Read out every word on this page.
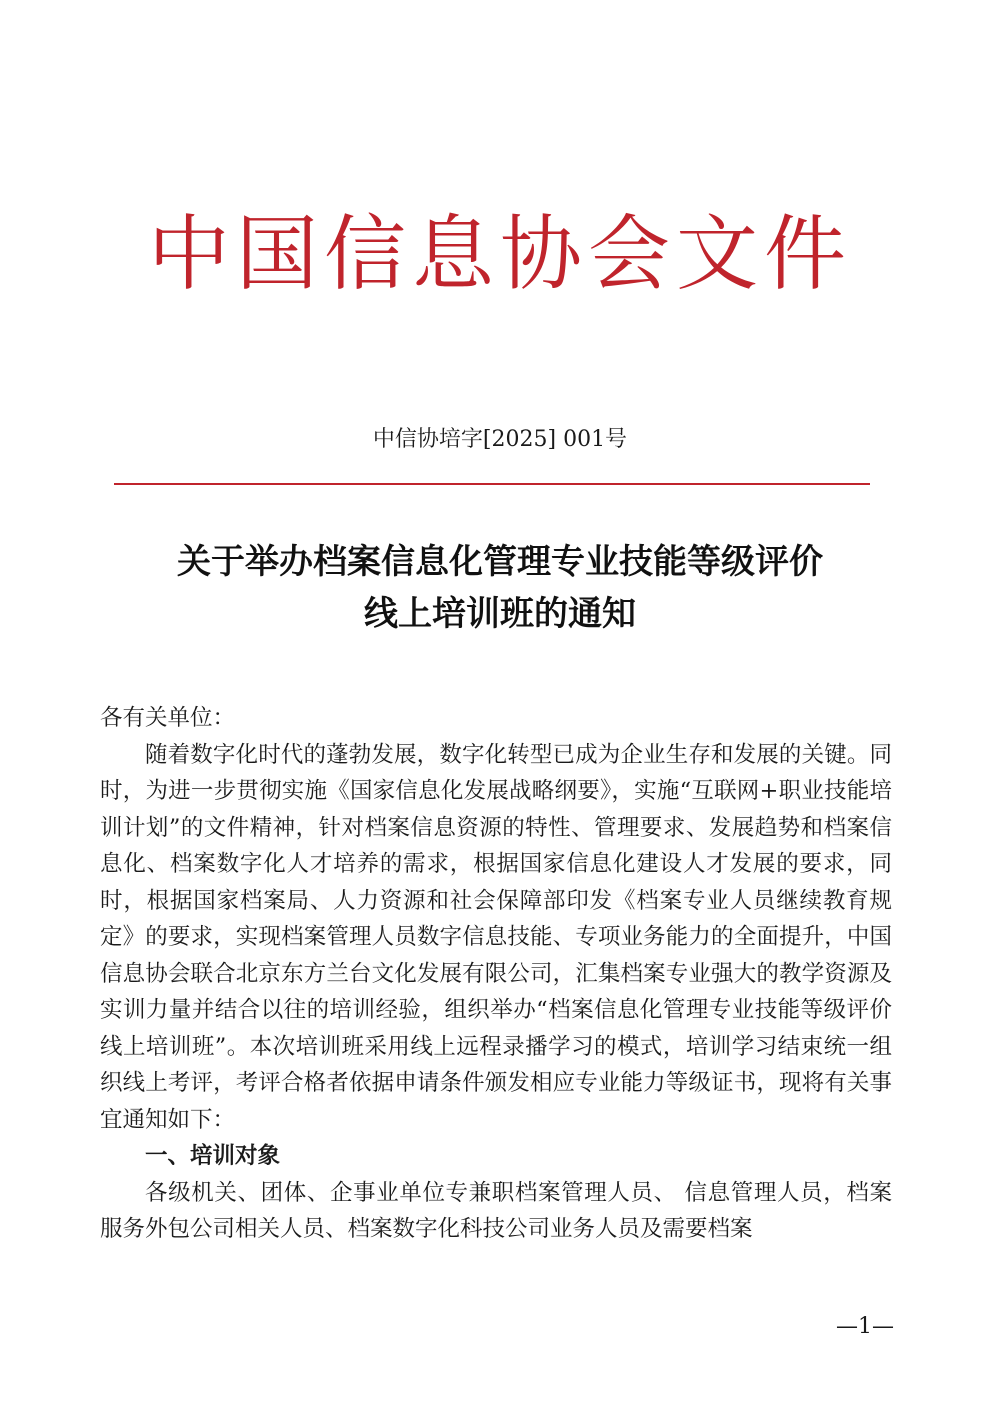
中国信息协会文件
中信协培字[2025] 001号
关于举办档案信息化管理专业技能等级评价
线上培训班的通知

各有关单位：

随着数字化时代的蓬勃发展，数字化转型已成为企业生存和发展的关键。同时，为进一步贯彻实施《国家信息化发展战略纲要》，实施“互联网+职业技能培训计划”的文件精神，针对档案信息资源的特性、管理要求、发展趋势和档案信息化、档案数字化人才培养的需求，根据国家信息化建设人才发展的要求，同时，根据国家档案局、人力资源和社会保障部印发《档案专业人员继续教育规定》的要求，实现档案管理人员数字信息技能、专项业务能力的全面提升，中国信息协会联合北京东方兰台文化发展有限公司，汇集档案专业强大的教学资源及实训力量并结合以往的培训经验，组织举办“档案信息化管理专业技能等级评价线上培训班”。本次培训班采用线上远程录播学习的模式，培训学习结束统一组织线上考评，考评合格者依据申请条件颁发相应专业能力等级证书，现将有关事宜通知如下：

一、培训对象

各级机关、团体、企事业单位专兼职档案管理人员、 信息管理人员，档案服务外包公司相关人员、档案数字化科技公司业务人员及需要档案

—1—
